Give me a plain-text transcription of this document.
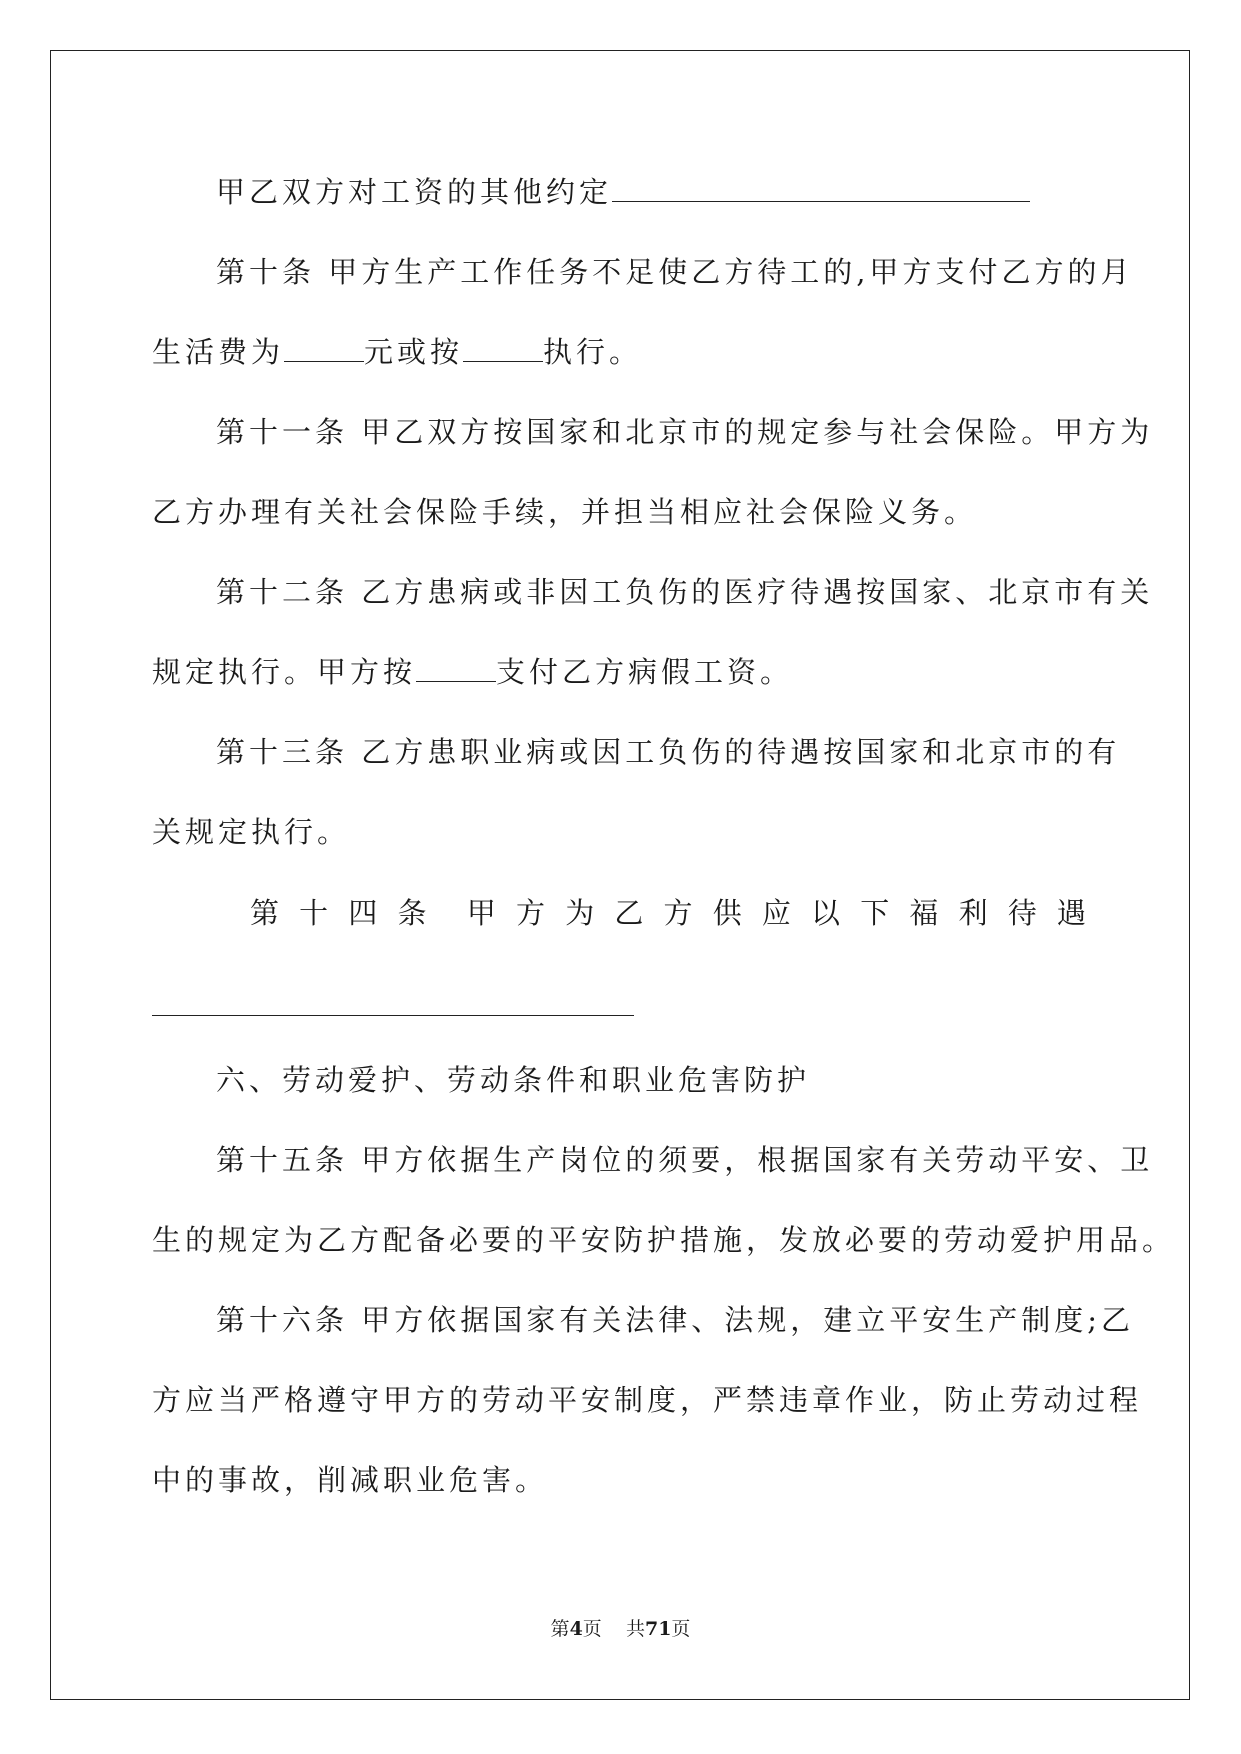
甲乙双方对工资的其他约定
第十条 甲方生产工作任务不足使乙方待工的,甲方支付乙方的月
生活费为	元或按	执行。
第十一条 甲乙双方按国家和北京市的规定参与社会保险。甲方为
乙方办理有关社会保险手续，并担当相应社会保险义务。
第十二条 乙方患病或非因工负伤的医疗待遇按国家、北京市有关
规定执行。甲方按	支付乙方病假工资。
第十三条 乙方患职业病或因工负伤的待遇按国家和北京市的有
关规定执行。
第 十 四 条 甲 方 为 乙 方 供 应 以 下 福 利 待 遇
六、劳动爱护、劳动条件和职业危害防护
第十五条 甲方依据生产岗位的须要，根据国家有关劳动平安、卫
生的规定为乙方配备必要的平安防护措施，发放必要的劳动爱护用品。
第十六条 甲方依据国家有关法律、法规，建立平安生产制度;乙
方应当严格遵守甲方的劳动平安制度，严禁违章作业，防止劳动过程
中的事故，削减职业危害。
第4页    共71页
